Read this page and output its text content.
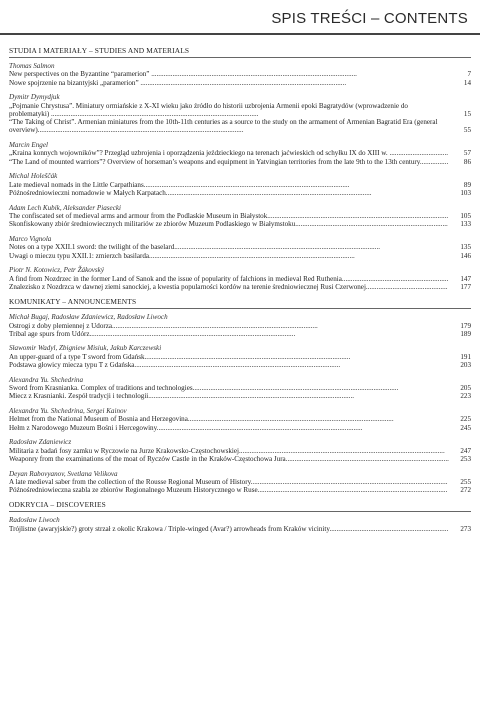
SPIS TREŚCI – CONTENTS
STUDIA I MATERIAŁY – STUDIES AND MATERIALS
Thomas Salmon
New perspectives on the Byzantine “paramerion” ....................................................................................................................	7
Nowe spojrzenie na bizantyjski „paramerion” ....................................................................................................................	14
Dymitr Dymydjuk
„Pojmanie Chrystusa”. Miniatury ormiańskie z X-XI wieku jako źródło do historii uzbrojenia Armenii epoki Bagratydów (wprowadzenie do problematyki) .....................................................................................................................	15
“The Taking of Christ”. Armenian miniatures from the 10th-11th centuries as a source to the study on the armament of Armenian Bagratid Era (general overview)....................................................................................................................	55
Marcin Engel
„Kraina konnych wojowników”? Przegląd uzbrojenia i oporządzenia jeździeckiego na terenach jaćwieskich od schyłku IX do XIII w. .................................	57
“The Land of mounted warriors”? Overview of horseman’s weapons and equipment in Yatvingian territories from the late 9th to the 13th century................	86
Michal Holeščák
Late medieval nomads in the Little Carpathians....................................................................................................................	89
Późnośredniowieczni nomadowie w Małych Karpatach....................................................................................................................	103
Adam Lech Kubik, Aleksander Piasecki
The confiscated set of medieval arms and armour from the Podlaskie Museum in Białystok......................................................................................................	105
Skonfiskowany zbiór średniowiecznych militariów ze zbiorów Muzeum Podlaskiego w Białymstoku......................................................................................	133
Marco Vignola
Notes on a type XXII.1 sword: the twilight of the baselard....................................................................................................................	135
Uwagi o mieczu typu XXII.1: zmierzch basilarda....................................................................................................................	146
Piotr N. Kotowicz, Petr Žákovský
A find from Nozdrzec in the former Land of Sanok and the issue of popularity of falchions in medieval Red Ruthenia............................................................	147
Znalezisko z Nozdrzca w dawnej ziemi sanockiej, a kwestia popularności kordów na terenie średniowiecznej Rusi Czerwonej..............................................	177
KOMUNIKATY – ANNOUNCEMENTS
Michał Bugaj, Radosław Zdaniewicz, Radosław Liwoch
Ostrogi z doby plemiennej z Udorza....................................................................................................................	179
Tribal age spurs from Udórz....................................................................................................................	189
Sławomir Wadyl, Zbigniew Misiuk, Jakub Karczewski
An upper-guard of a type T sword from Gdańsk....................................................................................................................	191
Podstawa głowicy miecza typu T z Gdańska....................................................................................................................	203
Alexandra Yu. Shchedrina
Sword from Krasnianka. Complex of traditions and technologies....................................................................................................................	205
Miecz z Krasnianki. Zespół tradycji i technologii....................................................................................................................	223
Alexandra Yu. Shchedrina, Sergei Kainov
Helmet from the National Museum of Bosnia and Herzegovina....................................................................................................................	225
Hełm z Narodowego Muzeum Bośni i Hercegowiny....................................................................................................................	245
Radosław Zdaniewicz
Militaria z badań fosy zamku w Ryczowie na Jurze Krakowsko-Częstochowskiej....................................................................................................................	247
Weaponry from the examinations of the moat of Ryczów Castle in the Kraków-Częstochowa Jura............................................................................................	253
Deyan Rabovyanov, Svetlana Velikova
A late medieval saber from the collection of the Rousse Regional Museum of History...............................................................................................................	255
Późnośredniowieczna szabla ze zbiorów Regionalnego Muzeum Historycznego w Ruse...........................................................................................................	272
ODKRYCIA – DISCOVERIES
Radosław Liwoch
Trójlistne (awaryjskie?) groty strzał z okolic Krakowa / Triple-winged (Avar?) arrowheads from Kraków vicinity...................................................................	273
